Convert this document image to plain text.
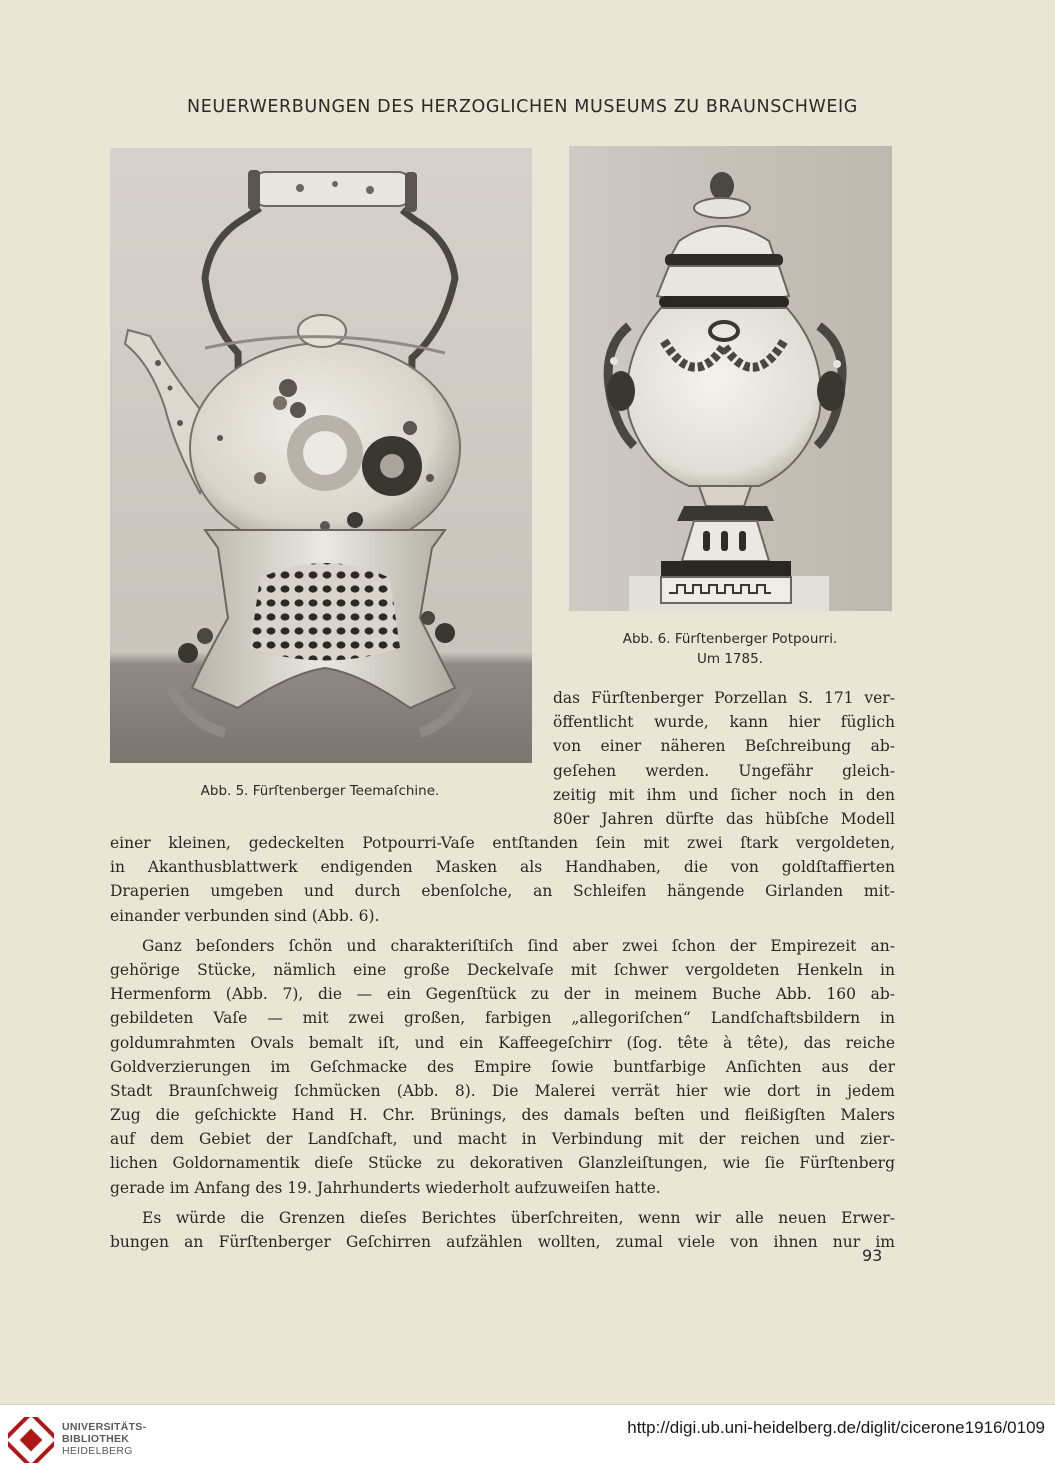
NEUERWERBUNGEN DES HERZOGLICHEN MUSEUMS ZU BRAUNSCHWEIG
Abb. 6. Fürſtenberger Potpourri.
Um 1785.
Abb. 5. Fürſtenberger Teemaſchine.
das Fürſtenberger Porzellan S. 171 ver-
öffentlicht wurde, kann hier füglich
von einer näheren Beſchreibung ab-
geſehen werden. Ungefähr gleich-
zeitig mit ihm und ſicher noch in den
80er Jahren dürfte das hübſche Modell

einer kleinen, gedeckelten Potpourri-Vaſe entſtanden ſein mit zwei ſtark vergoldeten,
in Akanthusblattwerk endigenden Masken als Handhaben, die von goldſtaffierten
Draperien umgeben und durch ebenſolche, an Schleifen hängende Girlanden mit-
einander verbunden sind (Abb. 6).

Ganz beſonders ſchön und charakteriſtiſch ſind aber zwei ſchon der Empirezeit an-
gehörige Stücke, nämlich eine große Deckelvaſe mit ſchwer vergoldeten Henkeln in
Hermenform (Abb. 7), die — ein Gegenſtück zu der in meinem Buche Abb. 160 ab-
gebildeten Vaſe — mit zwei großen, farbigen „allegoriſchen“ Landſchaftsbildern in
goldumrahmten Ovals bemalt iſt, und ein Kaffeegeſchirr (ſog. tête à tête), das reiche
Goldverzierungen im Geſchmacke des Empire ſowie buntfarbige Anſichten aus der
Stadt Braunſchweig ſchmücken (Abb. 8). Die Malerei verrät hier wie dort in jedem
Zug die geſchickte Hand H. Chr. Brünings, des damals beſten und fleißigſten Malers
auf dem Gebiet der Landſchaft, und macht in Verbindung mit der reichen und zier-
lichen Goldornamentik dieſe Stücke zu dekorativen Glanzleiſtungen, wie ſie Fürſtenberg
gerade im Anfang des 19. Jahrhunderts wiederholt aufzuweiſen hatte.

Es würde die Grenzen dieſes Berichtes überſchreiten, wenn wir alle neuen Erwer-
bungen an Fürſtenberger Geſchirren aufzählen wollten, zumal viele von ihnen nur im

93
UNIVERSITÄTS-
BIBLIOTHEK
HEIDELBERG
http://digi.ub.uni-heidelberg.de/diglit/cicerone1916/0109
